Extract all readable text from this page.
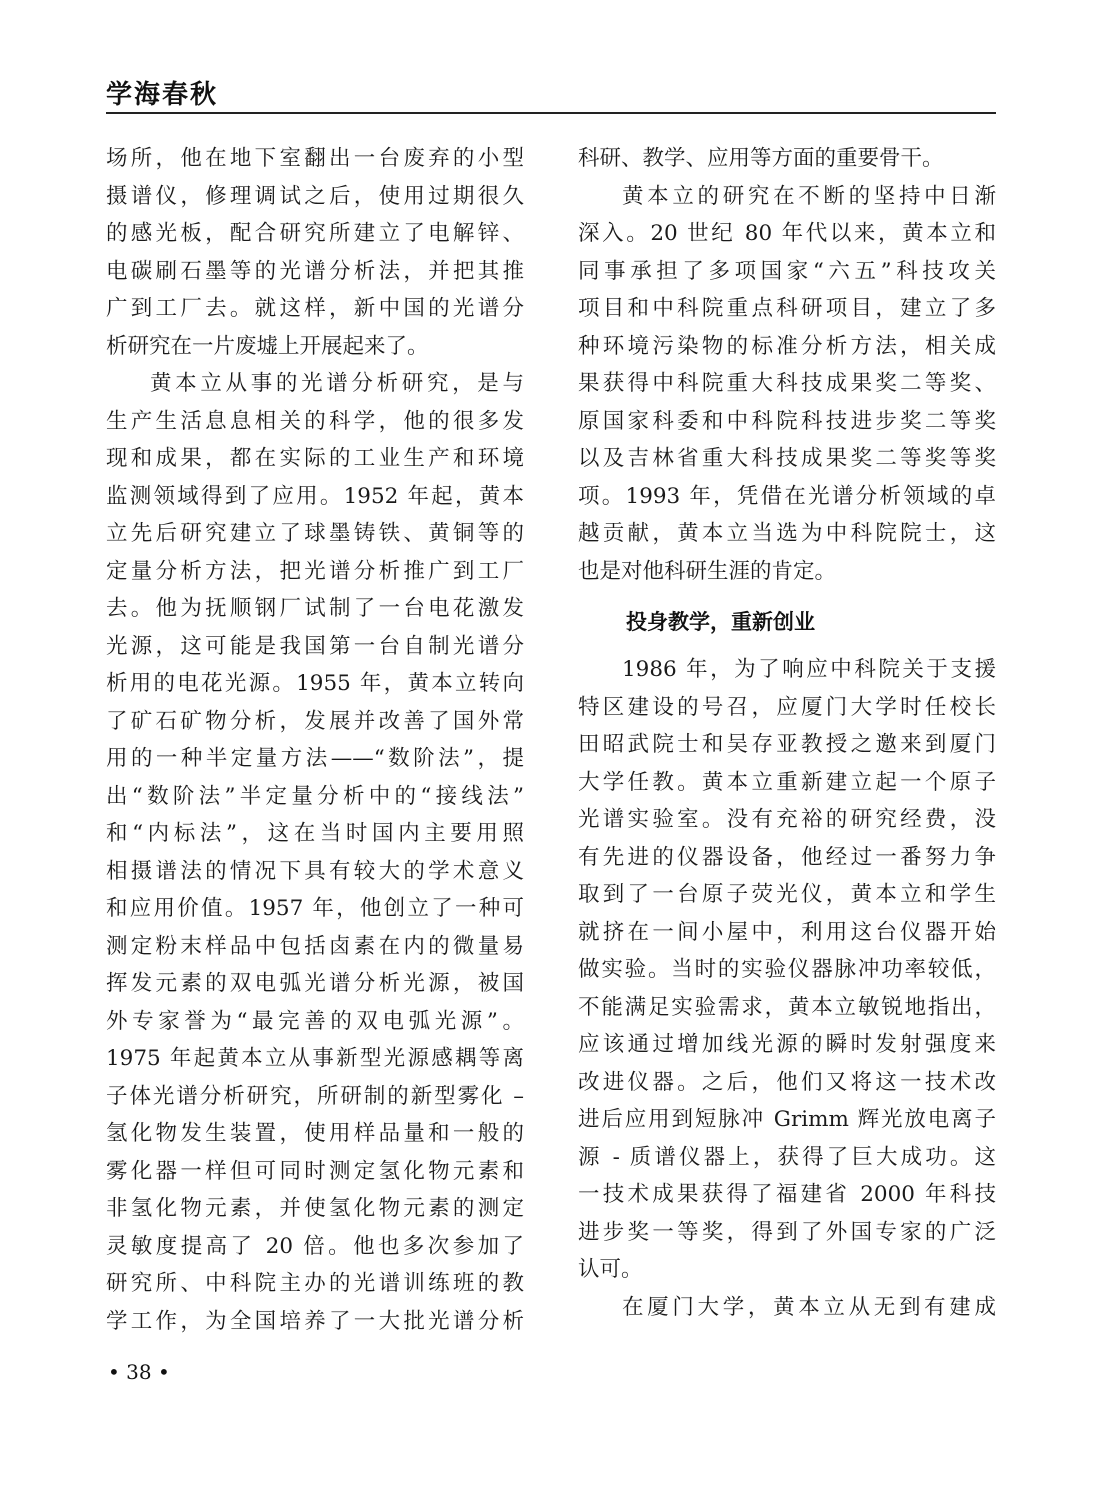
学海春秋
场所，他在地下室翻出一台废弃的小型
摄谱仪，修理调试之后，使用过期很久
的感光板，配合研究所建立了电解锌、
电碳刷石墨等的光谱分析法，并把其推
广到工厂去。就这样，新中国的光谱分
析研究在一片废墟上开展起来了。
黄本立从事的光谱分析研究，是与
生产生活息息相关的科学，他的很多发
现和成果，都在实际的工业生产和环境
监测领域得到了应用。1952 年起，黄本
立先后研究建立了球墨铸铁、黄铜等的
定量分析方法，把光谱分析推广到工厂
去。他为抚顺钢厂试制了一台电花激发
光源，这可能是我国第一台自制光谱分
析用的电花光源。1955 年，黄本立转向
了矿石矿物分析，发展并改善了国外常
用的一种半定量方法——“数阶法”，提
出“数阶法”半定量分析中的“接线法”
和“内标法”，这在当时国内主要用照
相摄谱法的情况下具有较大的学术意义
和应用价值。1957 年，他创立了一种可
测定粉末样品中包括卤素在内的微量易
挥发元素的双电弧光谱分析光源，被国
外专家誉为“最完善的双电弧光源”。
1975 年起黄本立从事新型光源感耦等离
子体光谱分析研究，所研制的新型雾化 –
氢化物发生装置，使用样品量和一般的
雾化器一样但可同时测定氢化物元素和
非氢化物元素，并使氢化物元素的测定
灵敏度提高了 20 倍。他也多次参加了
研究所、中科院主办的光谱训练班的教
学工作，为全国培养了一大批光谱分析
科研、教学、应用等方面的重要骨干。
黄本立的研究在不断的坚持中日渐
深入。20 世纪 80 年代以来，黄本立和
同事承担了多项国家“六五”科技攻关
项目和中科院重点科研项目，建立了多
种环境污染物的标准分析方法，相关成
果获得中科院重大科技成果奖二等奖、
原国家科委和中科院科技进步奖二等奖
以及吉林省重大科技成果奖二等奖等奖
项。1993 年，凭借在光谱分析领域的卓
越贡献，黄本立当选为中科院院士，这
也是对他科研生涯的肯定。
投身教学，重新创业
1986 年，为了响应中科院关于支援
特区建设的号召，应厦门大学时任校长
田昭武院士和吴存亚教授之邀来到厦门
大学任教。黄本立重新建立起一个原子
光谱实验室。没有充裕的研究经费，没
有先进的仪器设备，他经过一番努力争
取到了一台原子荧光仪，黄本立和学生
就挤在一间小屋中，利用这台仪器开始
做实验。当时的实验仪器脉冲功率较低，
不能满足实验需求，黄本立敏锐地指出，
应该通过增加线光源的瞬时发射强度来
改进仪器。之后，他们又将这一技术改
进后应用到短脉冲 Grimm 辉光放电离子
源 - 质谱仪器上，获得了巨大成功。这
一技术成果获得了福建省 2000 年科技
进步奖一等奖，得到了外国专家的广泛
认可。
在厦门大学，黄本立从无到有建成
• 38 •
